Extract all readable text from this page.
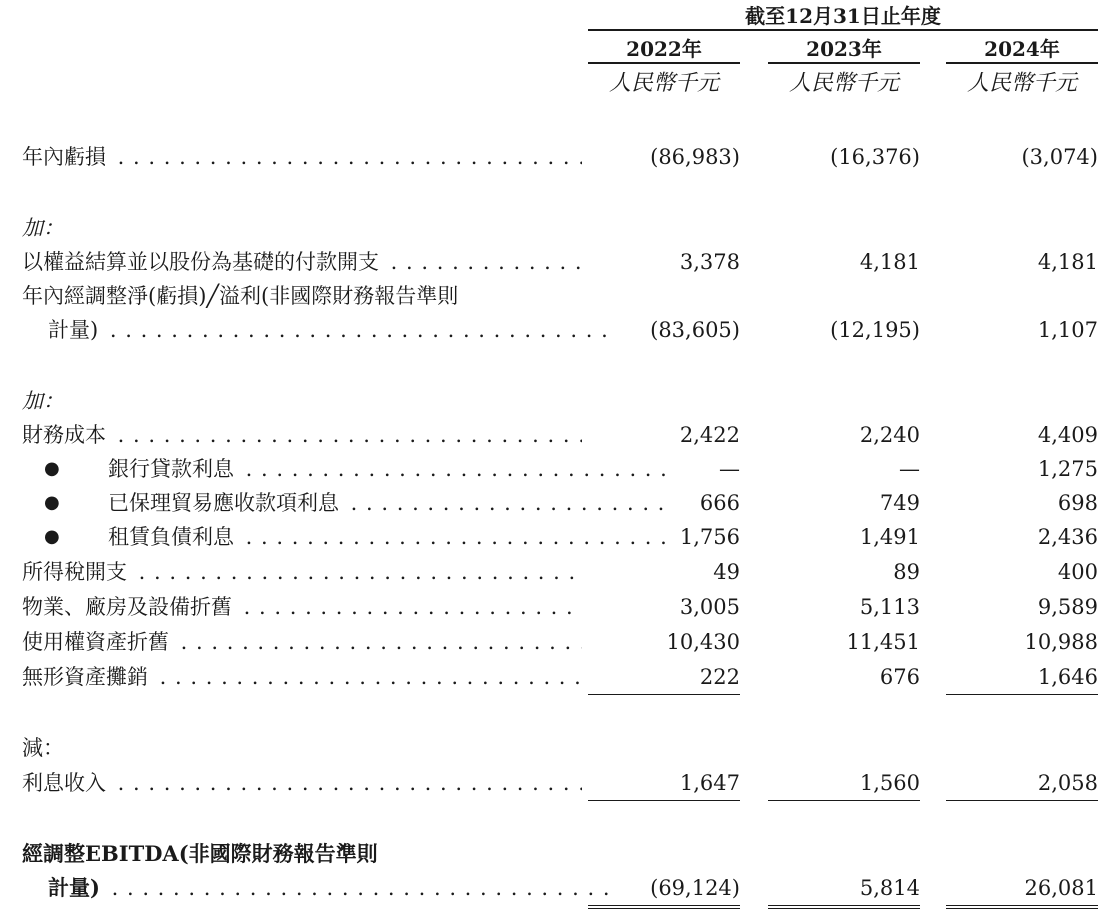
截至12月31日止年度
2022年	2023年	2024年
人民幣千元	人民幣千元	人民幣千元
年內虧損 . . .	(86,983)	(16,376)	(3,074)
加：
以權益結算並以股份為基礎的付款開支 . . .	3,378	4,181	4,181
年內經調整淨(虧損)╱溢利(非國際財務報告準則
計量) . . .	(83,605)	(12,195)	1,107
加：
財務成本 . . .	2,422	2,240	4,409
● 銀行貸款利息 . . .	—	—	1,275
● 已保理貿易應收款項利息 . . .	666	749	698
● 租賃負債利息 . . .	1,756	1,491	2,436
所得稅開支 . . .	49	89	400
物業、廠房及設備折舊 . . .	3,005	5,113	9,589
使用權資產折舊 . . .	10,430	11,451	10,988
無形資產攤銷 . . .	222	676	1,646
減：
利息收入 . . .	1,647	1,560	2,058
經調整EBITDA(非國際財務報告準則
計量) . . .	(69,124)	5,814	26,081
